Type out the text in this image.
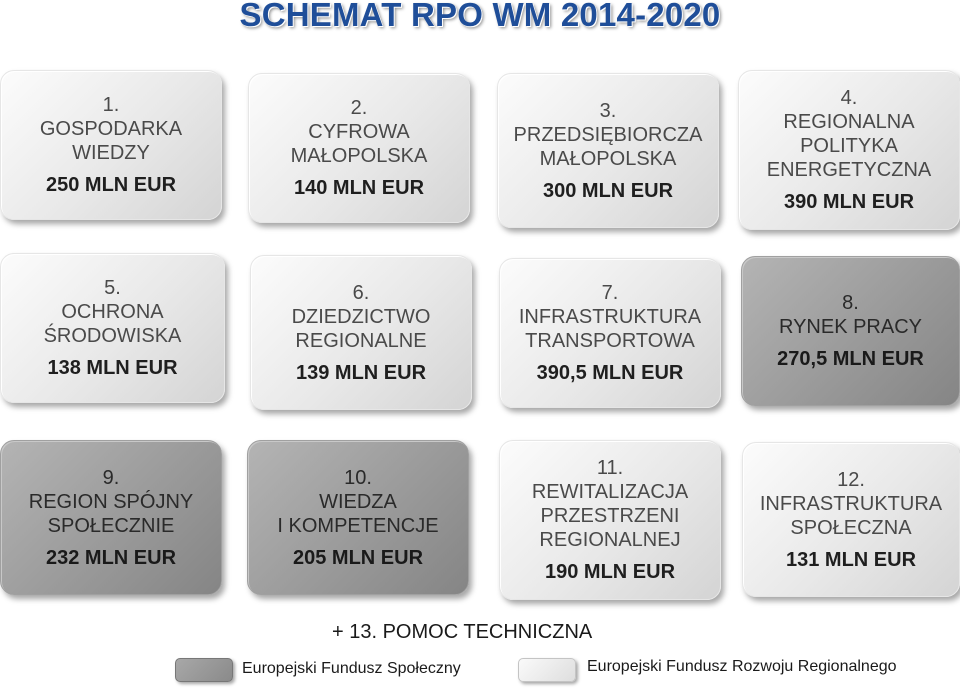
SCHEMAT RPO WM 2014-2020
1.
GOSPODARKA
WIEDZY
250 MLN EUR
2.
CYFROWA
MAŁOPOLSKA
140 MLN EUR
3.
PRZEDSIĘBIORCZA
MAŁOPOLSKA
300 MLN EUR
4.
REGIONALNA
POLITYKA
ENERGETYCZNA
390 MLN EUR
5.
OCHRONA
ŚRODOWISKA
138 MLN EUR
6.
DZIEDZICTWO
REGIONALNE
139 MLN EUR
7.
INFRASTRUKTURA
TRANSPORTOWA
390,5 MLN EUR
8.
RYNEK PRACY
270,5 MLN EUR
9.
REGION SPÓJNY
SPOŁECZNIE
232 MLN EUR
10.
WIEDZA
I KOMPETENCJE
205 MLN EUR
11.
REWITALIZACJA
PRZESTRZENI
REGIONALNEJ
190 MLN EUR
12.
INFRASTRUKTURA
SPOŁECZNA
131 MLN EUR
+ 13. POMOC TECHNICZNA
Europejski Fundusz Społeczny	Europejski Fundusz Rozwoju Regionalnego
